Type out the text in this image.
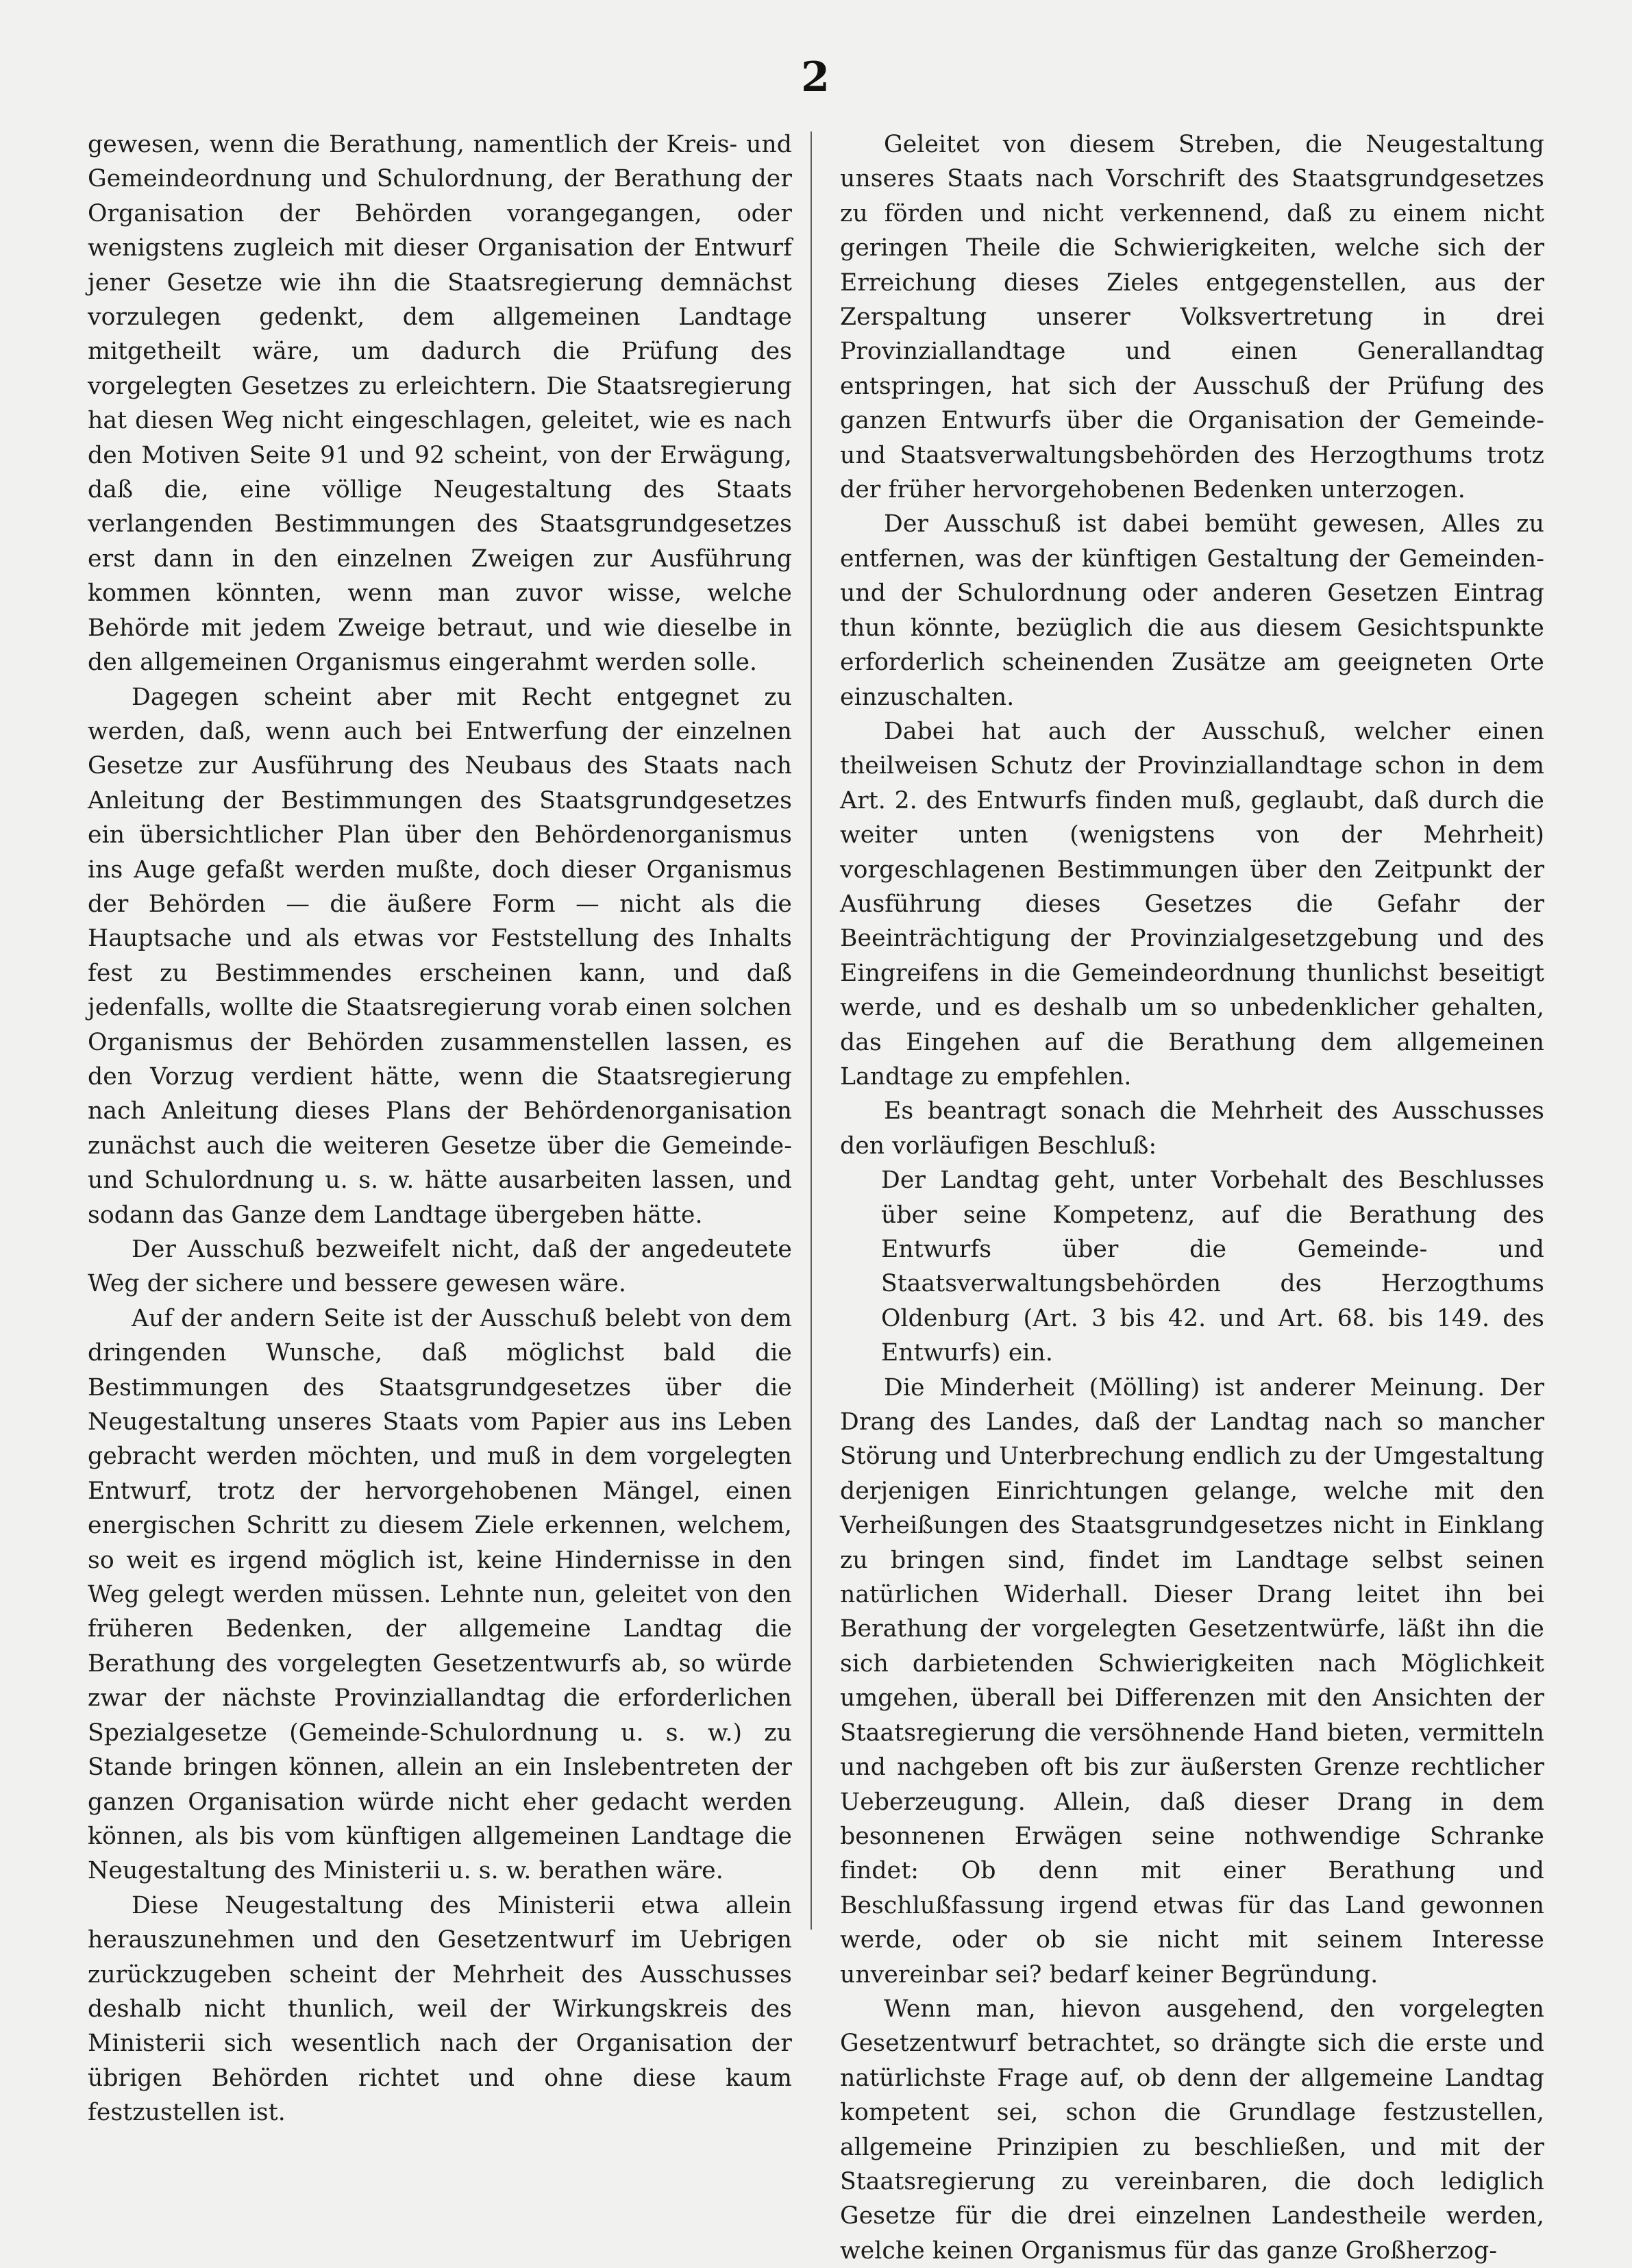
2

gewesen, wenn die Berathung, namentlich der Kreis- und Gemeindeordnung und Schulordnung, der Berathung der Organisation der Behörden vorangegangen, oder wenigstens zugleich mit dieser Organisation der Entwurf jener Gesetze wie ihn die Staatsregierung demnächst vorzulegen gedenkt, dem allgemeinen Landtage mitgetheilt wäre, um dadurch die Prüfung des vorgelegten Gesetzes zu erleichtern. Die Staatsregierung hat diesen Weg nicht eingeschlagen, geleitet, wie es nach den Motiven Seite 91 und 92 scheint, von der Erwägung, daß die, eine völlige Neugestaltung des Staats verlangenden Bestimmungen des Staatsgrundgesetzes erst dann in den einzelnen Zweigen zur Ausführung kommen könnten, wenn man zuvor wisse, welche Behörde mit jedem Zweige betraut, und wie dieselbe in den allgemeinen Organismus eingerahmt werden solle.

Dagegen scheint aber mit Recht entgegnet zu werden, daß, wenn auch bei Entwerfung der einzelnen Gesetze zur Ausführung des Neubaus des Staats nach Anleitung der Bestimmungen des Staatsgrundgesetzes ein übersichtlicher Plan über den Behördenorganismus ins Auge gefaßt werden mußte, doch dieser Organismus der Behörden — die äußere Form — nicht als die Hauptsache und als etwas vor Feststellung des Inhalts fest zu Bestimmendes erscheinen kann, und daß jedenfalls, wollte die Staatsregierung vorab einen solchen Organismus der Behörden zusammenstellen lassen, es den Vorzug verdient hätte, wenn die Staatsregierung nach Anleitung dieses Plans der Behördenorganisation zunächst auch die weiteren Gesetze über die Gemeinde- und Schulordnung u. s. w. hätte ausarbeiten lassen, und sodann das Ganze dem Landtage übergeben hätte.

Der Ausschuß bezweifelt nicht, daß der angedeutete Weg der sichere und bessere gewesen wäre.

Auf der andern Seite ist der Ausschuß belebt von dem dringenden Wunsche, daß möglichst bald die Bestimmungen des Staatsgrundgesetzes über die Neugestaltung unseres Staats vom Papier aus ins Leben gebracht werden möchten, und muß in dem vorgelegten Entwurf, trotz der hervorgehobenen Mängel, einen energischen Schritt zu diesem Ziele erkennen, welchem, so weit es irgend möglich ist, keine Hindernisse in den Weg gelegt werden müssen. Lehnte nun, geleitet von den früheren Bedenken, der allgemeine Landtag die Berathung des vorgelegten Gesetzentwurfs ab, so würde zwar der nächste Provinziallandtag die erforderlichen Spezialgesetze (Gemeinde-Schulordnung u. s. w.) zu Stande bringen können, allein an ein Inslebentreten der ganzen Organisation würde nicht eher gedacht werden können, als bis vom künftigen allgemeinen Landtage die Neugestaltung des Ministerii u. s. w. berathen wäre.

Diese Neugestaltung des Ministerii etwa allein herauszunehmen und den Gesetzentwurf im Uebrigen zurückzugeben scheint der Mehrheit des Ausschusses deshalb nicht thunlich, weil der Wirkungskreis des Ministerii sich wesentlich nach der Organisation der übrigen Behörden richtet und ohne diese kaum festzustellen ist.

Geleitet von diesem Streben, die Neugestaltung unseres Staats nach Vorschrift des Staatsgrundgesetzes zu förden und nicht verkennend, daß zu einem nicht geringen Theile die Schwierigkeiten, welche sich der Erreichung dieses Zieles entgegenstellen, aus der Zerspaltung unserer Volksvertretung in drei Provinziallandtage und einen Generallandtag entspringen, hat sich der Ausschuß der Prüfung des ganzen Entwurfs über die Organisation der Gemeinde- und Staatsverwaltungsbehörden des Herzogthums trotz der früher hervorgehobenen Bedenken unterzogen.

Der Ausschuß ist dabei bemüht gewesen, Alles zu entfernen, was der künftigen Gestaltung der Gemeinden- und der Schulordnung oder anderen Gesetzen Eintrag thun könnte, bezüglich die aus diesem Gesichtspunkte erforderlich scheinenden Zusätze am geeigneten Orte einzuschalten.

Dabei hat auch der Ausschuß, welcher einen theilweisen Schutz der Provinziallandtage schon in dem Art. 2. des Entwurfs finden muß, geglaubt, daß durch die weiter unten (wenigstens von der Mehrheit) vorgeschlagenen Bestimmungen über den Zeitpunkt der Ausführung dieses Gesetzes die Gefahr der Beeinträchtigung der Provinzialgesetzgebung und des Eingreifens in die Gemeindeordnung thunlichst beseitigt werde, und es deshalb um so unbedenklicher gehalten, das Eingehen auf die Berathung dem allgemeinen Landtage zu empfehlen.

Es beantragt sonach die Mehrheit des Ausschusses den vorläufigen Beschluß:

Der Landtag geht, unter Vorbehalt des Beschlusses über seine Kompetenz, auf die Berathung des Entwurfs über die Gemeinde- und Staatsverwaltungsbehörden des Herzogthums Oldenburg (Art. 3 bis 42. und Art. 68. bis 149. des Entwurfs) ein.

Die Minderheit (Mölling) ist anderer Meinung. Der Drang des Landes, daß der Landtag nach so mancher Störung und Unterbrechung endlich zu der Umgestaltung derjenigen Einrichtungen gelange, welche mit den Verheißungen des Staatsgrundgesetzes nicht in Einklang zu bringen sind, findet im Landtage selbst seinen natürlichen Widerhall. Dieser Drang leitet ihn bei Berathung der vorgelegten Gesetzentwürfe, läßt ihn die sich darbietenden Schwierigkeiten nach Möglichkeit umgehen, überall bei Differenzen mit den Ansichten der Staatsregierung die versöhnende Hand bieten, vermitteln und nachgeben oft bis zur äußersten Grenze rechtlicher Ueberzeugung. Allein, daß dieser Drang in dem besonnenen Erwägen seine nothwendige Schranke findet: Ob denn mit einer Berathung und Beschlußfassung irgend etwas für das Land gewonnen werde, oder ob sie nicht mit seinem Interesse unvereinbar sei? bedarf keiner Begründung.

Wenn man, hievon ausgehend, den vorgelegten Gesetzentwurf betrachtet, so drängte sich die erste und natürlichste Frage auf, ob denn der allgemeine Landtag kompetent sei, schon die Grundlage festzustellen, allgemeine Prinzipien zu beschließen, und mit der Staatsregierung zu vereinbaren, die doch lediglich Gesetze für die drei einzelnen Landestheile werden, welche keinen Organismus für das ganze Großherzog-
